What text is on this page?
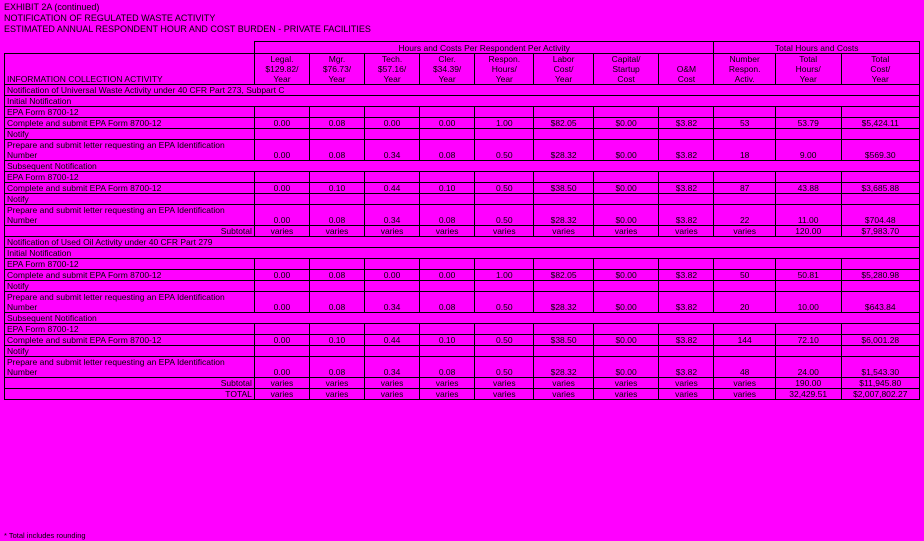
EXHIBIT 2A (continued)
NOTIFICATION OF REGULATED WASTE ACTIVITY
ESTIMATED ANNUAL RESPONDENT HOUR AND COST BURDEN - PRIVATE FACILITIES
	Hours and Costs Per Respondent Per Activity								Total Hours and Costs		
INFORMATION COLLECTION ACTIVITY	Legal.
$129.82/
Year	Mgr.
$76.73/
Year	Tech.
$57.16/
Year	Cler.
$34.39/
Year	Respon.
Hours/
Year	Labor
Cost/
Year	Capital/
Startup
Cost	O&M
Cost	Number
Respon.
Activ.	Total
Hours/
Year	Total
Cost/
Year

Notification of Universal Waste Activity under 40 CFR Part 273, Subpart C											
Initial Notification											
EPA Form 8700-12											
Complete and submit EPA Form 8700-12	0.00	0.08	0.00	0.00	1.00	$82.05	$0.00	$3.82	53	53.79	$5,424.11
Notify											
Prepare and submit letter requesting an EPA Identification Number	0.00	0.08	0.34	0.08	0.50	$28.32	$0.00	$3.82	18	9.00	$569.30
Subsequent Notification											
EPA Form 8700-12											
Complete and submit EPA Form 8700-12	0.00	0.10	0.44	0.10	0.50	$38.50	$0.00	$3.82	87	43.88	$3,685.88
Notify											
Prepare and submit letter requesting an EPA Identification Number	0.00	0.08	0.34	0.08	0.50	$28.32	$0.00	$3.82	22	11.00	$704.48
Subtotal	varies	varies	varies	varies	varies	varies	varies	varies	varies	120.00	$7,983.70
Notification of Used Oil Activity under 40 CFR Part 279											
Initial Notification											
EPA Form 8700-12											
Complete and submit EPA Form 8700-12	0.00	0.08	0.00	0.00	1.00	$82.05	$0.00	$3.82	50	50.81	$5,280.98
Notify											
Prepare and submit letter requesting an EPA Identification Number	0.00	0.08	0.34	0.08	0.50	$28.32	$0.00	$3.82	20	10.00	$643.84
Subsequent Notification											
EPA Form 8700-12											
Complete and submit EPA Form 8700-12	0.00	0.10	0.44	0.10	0.50	$38.50	$0.00	$3.82	144	72.10	$6,001.28
Notify											
Prepare and submit letter requesting an EPA Identification Number	0.00	0.08	0.34	0.08	0.50	$28.32	$0.00	$3.82	48	24.00	$1,543.30
Subtotal	varies	varies	varies	varies	varies	varies	varies	varies	varies	190.00	$11,945.80
TOTAL	varies	varies	varies	varies	varies	varies	varies	varies	varies	32,429.51	$2,007,802.27
* Total includes rounding
